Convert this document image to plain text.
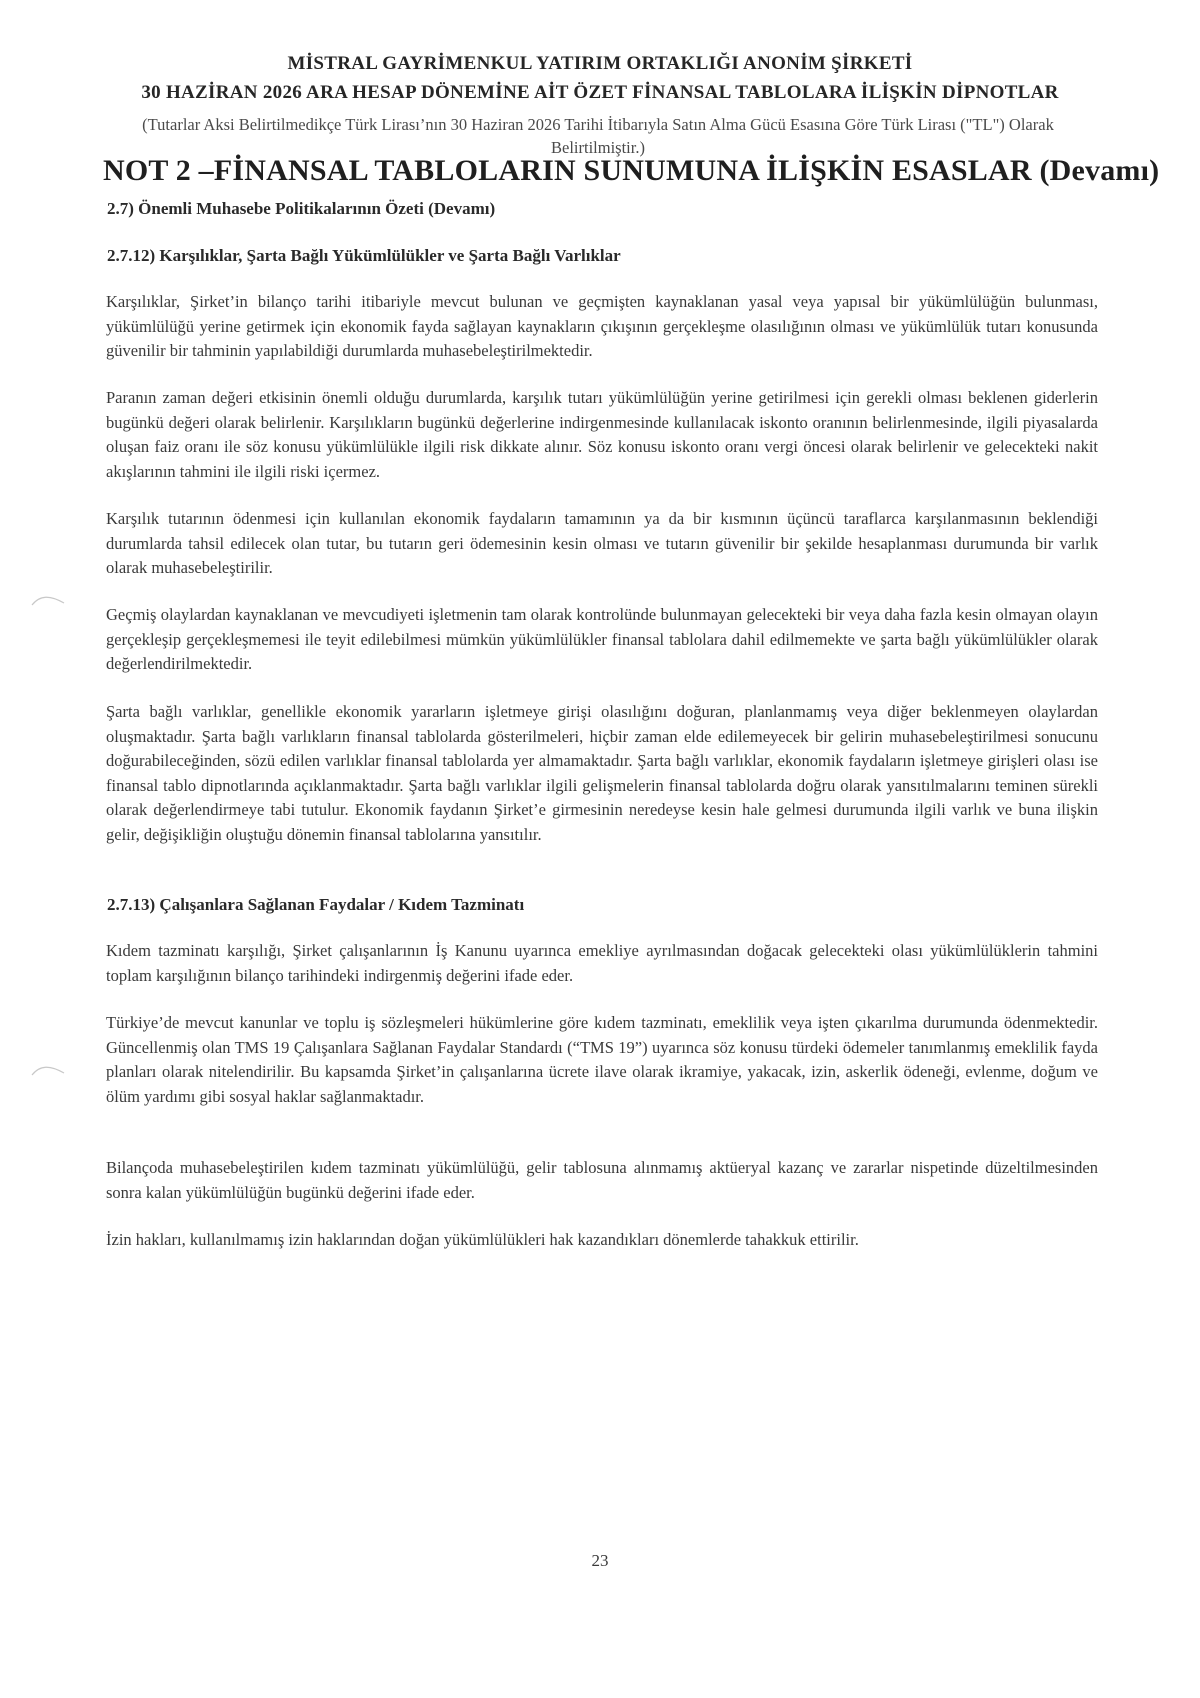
MİSTRAL GAYRİMENKUL YATIRIM ORTAKLIĞI ANONİM ŞİRKETİ
30 HAZİRAN 2026 ARA HESAP DÖNEMİNE AİT ÖZET FİNANSAL TABLOLARA İLİŞKİN DİPNOTLAR
(Tutarlar Aksi Belirtilmedikçe Türk Lirası’nın 30 Haziran 2026 Tarihi İtibarıyla Satın Alma Gücü Esasına Göre Türk Lirası ("TL") Olarak Belirtilmiştir.)
NOT 2 –FİNANSAL TABLOLARIN SUNUMUNA İLİŞKİN ESASLAR (Devamı)
2.7) Önemli Muhasebe Politikalarının Özeti (Devamı)
2.7.12) Karşılıklar, Şarta Bağlı Yükümlülükler ve Şarta Bağlı Varlıklar
Karşılıklar, Şirket’in bilanço tarihi itibariyle mevcut bulunan ve geçmişten kaynaklanan yasal veya yapısal bir yükümlülüğün bulunması, yükümlülüğü yerine getirmek için ekonomik fayda sağlayan kaynakların çıkışının gerçekleşme olasılığının olması ve yükümlülük tutarı konusunda güvenilir bir tahminin yapılabildiği durumlarda muhasebeleştirilmektedir.
Paranın zaman değeri etkisinin önemli olduğu durumlarda, karşılık tutarı yükümlülüğün yerine getirilmesi için gerekli olması beklenen giderlerin bugünkü değeri olarak belirlenir. Karşılıkların bugünkü değerlerine indirgenmesinde kullanılacak iskonto oranının belirlenmesinde, ilgili piyasalarda oluşan faiz oranı ile söz konusu yükümlülükle ilgili risk dikkate alınır. Söz konusu iskonto oranı vergi öncesi olarak belirlenir ve gelecekteki nakit akışlarının tahmini ile ilgili riski içermez.
Karşılık tutarının ödenmesi için kullanılan ekonomik faydaların tamamının ya da bir kısmının üçüncü taraflarca karşılanmasının beklendiği durumlarda tahsil edilecek olan tutar, bu tutarın geri ödemesinin kesin olması ve tutarın güvenilir bir şekilde hesaplanması durumunda bir varlık olarak muhasebeleştirilir.
Geçmiş olaylardan kaynaklanan ve mevcudiyeti işletmenin tam olarak kontrolünde bulunmayan gelecekteki bir veya daha fazla kesin olmayan olayın gerçekleşip gerçekleşmemesi ile teyit edilebilmesi mümkün yükümlülükler finansal tablolara dahil edilmemekte ve şarta bağlı yükümlülükler olarak değerlendirilmektedir.
Şarta bağlı varlıklar, genellikle ekonomik yararların işletmeye girişi olasılığını doğuran, planlanmamış veya diğer beklenmeyen olaylardan oluşmaktadır. Şarta bağlı varlıkların finansal tablolarda gösterilmeleri, hiçbir zaman elde edilemeyecek bir gelirin muhasebeleştirilmesi sonucunu doğurabileceğinden, sözü edilen varlıklar finansal tablolarda yer almamaktadır. Şarta bağlı varlıklar, ekonomik faydaların işletmeye girişleri olası ise finansal tablo dipnotlarında açıklanmaktadır. Şarta bağlı varlıklar ilgili gelişmelerin finansal tablolarda doğru olarak yansıtılmalarını teminen sürekli olarak değerlendirmeye tabi tutulur. Ekonomik faydanın Şirket’e girmesinin neredeyse kesin hale gelmesi durumunda ilgili varlık ve buna ilişkin gelir, değişikliğin oluştuğu dönemin finansal tablolarına yansıtılır.
2.7.13) Çalışanlara Sağlanan Faydalar / Kıdem Tazminatı
Kıdem tazminatı karşılığı, Şirket çalışanlarının İş Kanunu uyarınca emekliye ayrılmasından doğacak gelecekteki olası yükümlülüklerin tahmini toplam karşılığının bilanço tarihindeki indirgenmiş değerini ifade eder.
Türkiye’de mevcut kanunlar ve toplu iş sözleşmeleri hükümlerine göre kıdem tazminatı, emeklilik veya işten çıkarılma durumunda ödenmektedir. Güncellenmiş olan TMS 19 Çalışanlara Sağlanan Faydalar Standardı (“TMS 19”) uyarınca söz konusu türdeki ödemeler tanımlanmış emeklilik fayda planları olarak nitelendirilir. Bu kapsamda Şirket’in çalışanlarına ücrete ilave olarak ikramiye, yakacak, izin, askerlik ödeneği, evlenme, doğum ve ölüm yardımı gibi sosyal haklar sağlanmaktadır.
Bilançoda muhasebeleştirilen kıdem tazminatı yükümlülüğü, gelir tablosuna alınmamış aktüeryal kazanç ve zararlar nispetinde düzeltilmesinden sonra kalan yükümlülüğün bugünkü değerini ifade eder.
İzin hakları, kullanılmamış izin haklarından doğan yükümlülükleri hak kazandıkları dönemlerde tahakkuk ettirilir.
23
